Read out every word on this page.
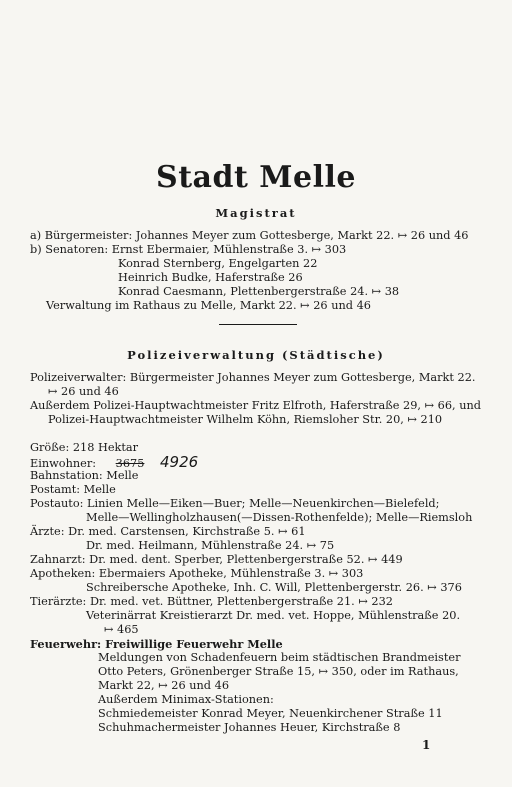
Stadt Melle
Magistrat
a) Bürgermeister: Johannes Meyer zum Gottesberge, Markt 22. ↦ 26 und 46
b) Senatoren: Ernst Ebermaier, Mühlenstraße 3. ↦ 303
Konrad Sternberg, Engelgarten 22
Heinrich Budke, Haferstraße 26
Konrad Caesmann, Plettenbergerstraße 24. ↦ 38
Verwaltung im Rathaus zu Melle, Markt 22. ↦ 26 und 46
Polizeiverwaltung (Städtische)
Polizeiverwalter: Bürgermeister Johannes Meyer zum Gottesberge, Markt 22.
↦ 26 und 46
Außerdem Polizei-Hauptwachtmeister Fritz Elfroth, Haferstraße 29, ↦ 66, und
Polizei-Hauptwachtmeister Wilhelm Köhn, Riemsloher Str. 20, ↦ 210
Größe: 218 Hektar
Einwohner: 3675 4926
Bahnstation: Melle
Postamt: Melle
Postauto: Linien Melle—Eiken—Buer; Melle—Neuenkirchen—Bielefeld;
Melle—Wellingholzhausen(—Dissen-Rothenfelde); Melle—Riemsloh
Ärzte: Dr. med. Carstensen, Kirchstraße 5. ↦ 61
Dr. med. Heilmann, Mühlenstraße 24. ↦ 75
Zahnarzt: Dr. med. dent. Sperber, Plettenbergerstraße 52. ↦ 449
Apotheken: Ebermaiers Apotheke, Mühlenstraße 3. ↦ 303
Schreibersche Apotheke, Inh. C. Will, Plettenbergerstr. 26. ↦ 376
Tierärzte: Dr. med. vet. Büttner, Plettenbergerstraße 21. ↦ 232
Veterinärrat Kreistierarzt Dr. med. vet. Hoppe, Mühlenstraße 20.
↦ 465
Feuerwehr: Freiwillige Feuerwehr Melle
Meldungen von Schadenfeuern beim städtischen Brandmeister
Otto Peters, Grönenberger Straße 15, ↦ 350, oder im Rathaus,
Markt 22, ↦ 26 und 46
Außerdem Minimax-Stationen:
Schmiedemeister Konrad Meyer, Neuenkirchener Straße 11
Schuhmachermeister Johannes Heuer, Kirchstraße 8
1
